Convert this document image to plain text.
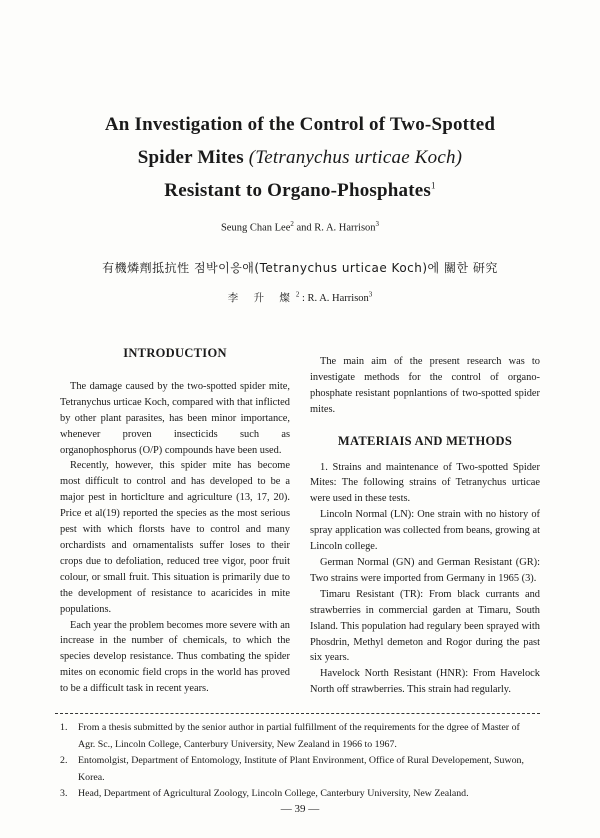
An Investigation of the Control of Two-Spotted
Spider Mites (Tetranychus urticae Koch)
Resistant to Organo-Phosphates$^1$
Seung Chan Lee$^2$ and R. A. Harrison$^3$
有機燐劑抵抗性 점박이응애(Tetranychus urticae Koch)에 關한 研究
李 升 燦$^2$ : R. A. Harrison$^3$
INTRODUCTION

The damage caused by the two-spotted spider mite, Tetranychus urticae Koch, compared with that inflicted by other plant parasites, has been minor importance, whenever proven insecticids such as organophosphorus (O/P) compounds have been used.

Recently, however, this spider mite has become most difficult to control and has developed to be a major pest in horticlture and agriculture (13, 17, 20). Price et al(19) reported the species as the most serious pest with which florsts have to control and many orchardists and ornamentalists suffer loses to their crops due to defoliation, reduced tree vigor, poor fruit colour, or small fruit. This situation is primarily due to the development of resistance to acaricides in mite populations.

Each year the problem becomes more severe with an increase in the number of chemicals, to which the species develop resistance. Thus combating the spider mites on economic field crops in the world has proved to be a difficult task in recent years.

The main aim of the present research was to investigate methods for the control of organo-phosphate resistant popnlantions of two-spotted spider mites.

MATERIAIS AND METHODS

1. Strains and maintenance of Two-spotted Spider Mites: The following strains of Tetranychus urticae were used in these tests.

Lincoln Normal (LN): One strain with no history of spray application was collected from beans, growing at Lincoln college.

German Normal (GN) and German Resistant (GR): Two strains were imported from Germany in 1965 (3).

Timaru Resistant (TR): From black currants and strawberries in commercial garden at Timaru, South Island. This population had regulary been sprayed with Phosdrin, Methyl demeton and Rogor during the past six years.

Havelock North Resistant (HNR): From Havelock North off strawberries. This strain had regularly.

1.	From a thesis submitted by the senior author in partial fulfillment of the requirements for the dgree of Master of Agr. Sc., Lincoln College, Canterbury University, New Zealand in 1966 to 1967.
2.	Entomolgist, Department of Entomology, Institute of Plant Environment, Office of Rural Developement, Suwon, Korea.
3.	Head, Department of Agricultural Zoology, Lincoln College, Canterbury University, New Zealand.
— 39 —
